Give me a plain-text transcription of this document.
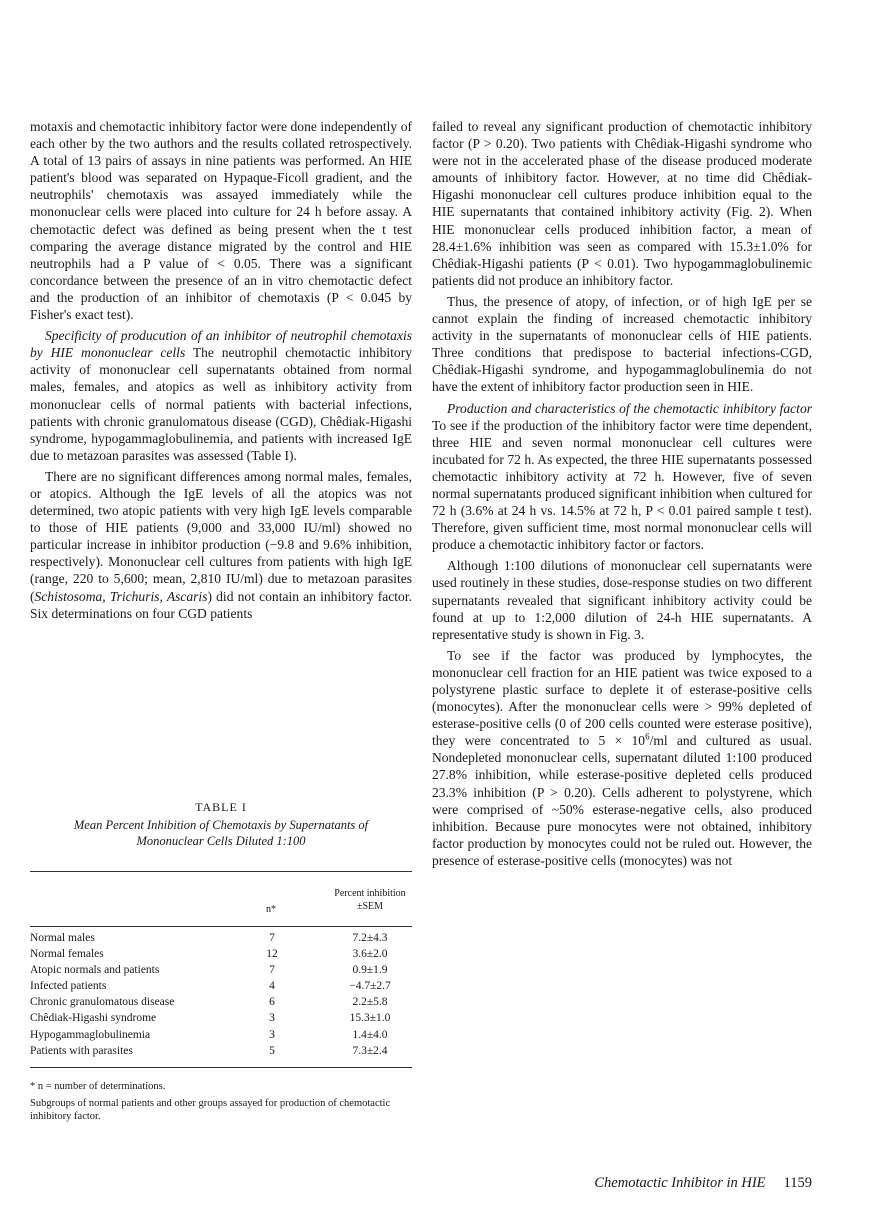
motaxis and chemotactic inhibitory factor were done independently of each other by the two authors and the results collated retrospectively. A total of 13 pairs of assays in nine patients was performed. An HIE patient's blood was separated on Hypaque-Ficoll gradient, and the neutrophils' chemotaxis was assayed immediately while the mononuclear cells were placed into culture for 24 h before assay. A chemotactic defect was defined as being present when the t test comparing the average distance migrated by the control and HIE neutrophils had a P value of < 0.05. There was a significant concordance between the presence of an in vitro chemotactic defect and the production of an inhibitor of chemotaxis (P < 0.045 by Fisher's exact test).

Specificity of producution of an inhibitor of neutrophil chemotaxis by HIE mononuclear cells The neutrophil chemotactic inhibitory activity of mononuclear cell supernatants obtained from normal males, females, and atopics as well as inhibitory activity from mononuclear cells of normal patients with bacterial infections, patients with chronic granulomatous disease (CGD), Chêdiak-Higashi syndrome, hypogammaglobulinemia, and patients with increased IgE due to metazoan parasites was assessed (Table I).

There are no significant differences among normal males, females, or atopics. Although the IgE levels of all the atopics was not determined, two atopic patients with very high IgE levels comparable to those of HIE patients (9,000 and 33,000 IU/ml) showed no particular increase in inhibitor production (−9.8 and 9.6% inhibition, respectively). Mononuclear cell cultures from patients with high IgE (range, 220 to 5,600; mean, 2,810 IU/ml) due to metazoan parasites (Schistosoma, Trichuris, Ascaris) did not contain an inhibitory factor. Six determinations on four CGD patients

TABLE I

Mean Percent Inhibition of Chemotaxis by Supernatants of Mononuclear Cells Diluted 1:100

n*
Percent inhibition
±SEM
Normal males	7	7.2±4.3
Normal females	12	3.6±2.0
Atopic normals and patients	7	0.9±1.9
Infected patients	4	−4.7±2.7
Chronic granulomatous disease	6	2.2±5.8
Chêdiak-Higashi syndrome	3	15.3±1.0
Hypogammaglobulinemia	3	1.4±4.0
Patients with parasites	5	7.3±2.4

* n = number of determinations.

Subgroups of normal patients and other groups assayed for production of chemotactic inhibitory factor.

failed to reveal any significant production of chemotactic inhibitory factor (P > 0.20). Two patients with Chêdiak-Higashi syndrome who were not in the accelerated phase of the disease produced moderate amounts of inhibitory factor. However, at no time did Chêdiak-Higashi mononuclear cell cultures produce inhibition equal to the HIE supernatants that contained inhibitory activity (Fig. 2). When HIE mononuclear cells produced inhibition factor, a mean of 28.4±1.6% inhibition was seen as compared with 15.3±1.0% for Chêdiak-Higashi patients (P < 0.01). Two hypogammaglobulinemic patients did not produce an inhibitory factor.

Thus, the presence of atopy, of infection, or of high IgE per se cannot explain the finding of increased chemotactic inhibitory activity in the supernatants of mononuclear cells of HIE patients. Three conditions that predispose to bacterial infections-CGD, Chêdiak-Higashi syndrome, and hypogammaglobulinemia do not have the extent of inhibitory factor production seen in HIE.

Production and characteristics of the chemotactic inhibitory factor To see if the production of the inhibitory factor were time dependent, three HIE and seven normal mononuclear cell cultures were incubated for 72 h. As expected, the three HIE supernatants possessed chemotactic inhibitory activity at 72 h. However, five of seven normal supernatants produced significant inhibition when cultured for 72 h (3.6% at 24 h vs. 14.5% at 72 h, P < 0.01 paired sample t test). Therefore, given sufficient time, most normal mononuclear cells will produce a chemotactic inhibitory factor or factors.

Although 1:100 dilutions of mononuclear cell supernatants were used routinely in these studies, dose-response studies on two different supernatants revealed that significant inhibitory activity could be found at up to 1:2,000 dilution of 24-h HIE supernatants. A representative study is shown in Fig. 3.

To see if the factor was produced by lymphocytes, the mononuclear cell fraction for an HIE patient was twice exposed to a polystyrene plastic surface to deplete it of esterase-positive cells (monocytes). After the mononuclear cells were > 99% depleted of esterase-positive cells (0 of 200 cells counted were esterase positive), they were concentrated to $5 \times 10^6/ml$ and cultured as usual. Nondepleted mononuclear cells, supernatant diluted 1:100 produced 27.8% inhibition, while esterase-positive depleted cells produced 23.3% inhibition (P > 0.20). Cells adherent to polystyrene, which were comprised of ~50% esterase-negative cells, also produced inhibition. Because pure monocytes were not obtained, inhibitory factor production by monocytes could not be ruled out. However, the presence of esterase-positive cells (monocytes) was not

Chemotactic Inhibitor in HIE 1159
